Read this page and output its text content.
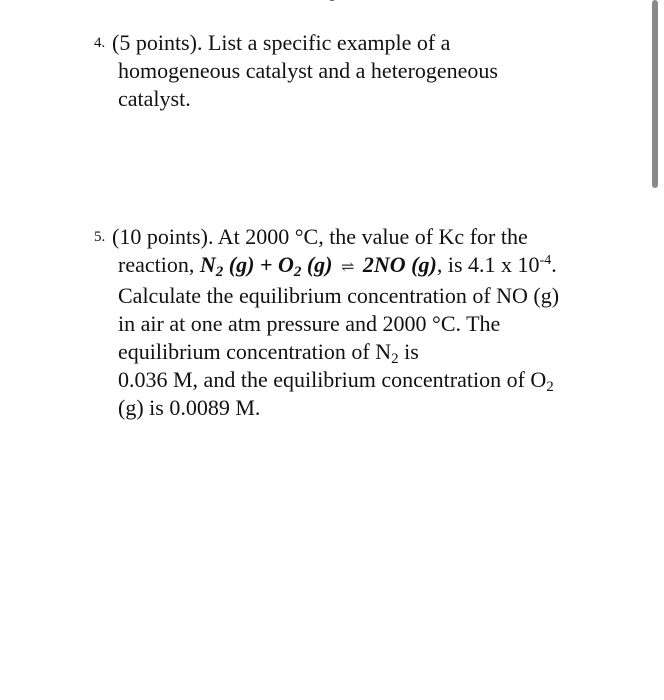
4. (5 points). List a specific example of a
homogeneous catalyst and a heterogeneous
catalyst.
5. (10 points). At 2000 °C, the value of Kc for the
reaction, $N_2$ $(g) + O_2$ (g) ⇌ 2NO (g), is 4.1 x $10^{-4}$.
Calculate the equilibrium concentration of NO (g)
in air at one atm pressure and 2000 °C. The
equilibrium concentration of $N_2$ is
0.036 M, and the equilibrium concentration of $O_2$
(g) is 0.0089 M.
